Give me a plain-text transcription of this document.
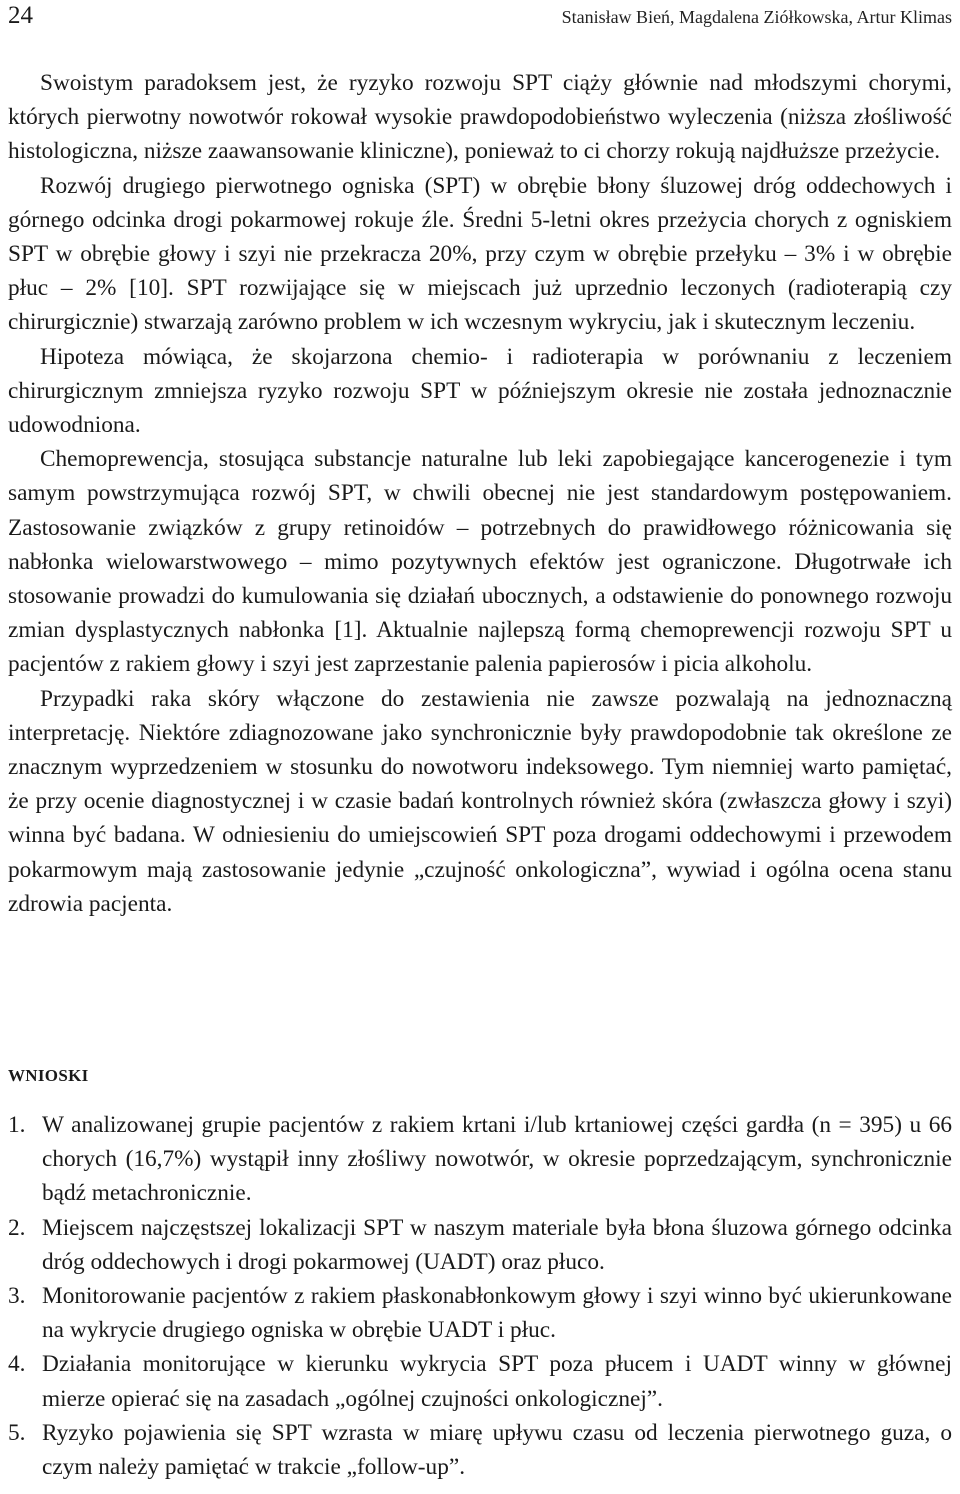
24	Stanisław Bień, Magdalena Ziółkowska, Artur Klimas

Swoistym paradoksem jest, że ryzyko rozwoju SPT ciąży głównie nad młodszymi chorymi, których pierwotny nowotwór rokował wysokie prawdopodobieństwo wyleczenia (niższa złośliwość histologiczna, niższe zaawansowanie kliniczne), ponieważ to ci chorzy rokują najdłuższe przeżycie.

Rozwój drugiego pierwotnego ogniska (SPT) w obrębie błony śluzowej dróg oddechowych i górnego odcinka drogi pokarmowej rokuje źle. Średni 5-letni okres przeżycia chorych z ogniskiem SPT w obrębie głowy i szyi nie przekracza 20%, przy czym w obrębie przełyku – 3% i w obrębie płuc – 2% [10]. SPT rozwijające się w miejscach już uprzednio leczonych (radioterapią czy chirurgicznie) stwarzają zarówno problem w ich wczesnym wykryciu, jak i skutecznym leczeniu.

Hipoteza mówiąca, że skojarzona chemio- i radioterapia w porównaniu z leczeniem chirurgicznym zmniejsza ryzyko rozwoju SPT w późniejszym okresie nie została jednoznacznie udowodniona.

Chemoprewencja, stosująca substancje naturalne lub leki zapobiegające kancerogenezie i tym samym powstrzymująca rozwój SPT, w chwili obecnej nie jest standardowym postępowaniem. Zastosowanie związków z grupy retinoidów – potrzebnych do prawidłowego różnicowania się nabłonka wielowarstwowego – mimo pozytywnych efektów jest ograniczone. Długotrwałe ich stosowanie prowadzi do kumulowania się działań ubocznych, a odstawienie do ponownego rozwoju zmian dysplastycznych nabłonka [1]. Aktualnie najlepszą formą chemoprewencji rozwoju SPT u pacjentów z rakiem głowy i szyi jest zaprzestanie palenia papierosów i picia alkoholu.

Przypadki raka skóry włączone do zestawienia nie zawsze pozwalają na jednoznaczną interpretację. Niektóre zdiagnozowane jako synchronicznie były prawdopodobnie tak określone ze znacznym wyprzedzeniem w stosunku do nowotworu indeksowego. Tym niemniej warto pamiętać, że przy ocenie diagnostycznej i w czasie badań kontrolnych również skóra (zwłaszcza głowy i szyi) winna być badana. W odniesieniu do umiejscowień SPT poza drogami oddechowymi i przewodem pokarmowym mają zastosowanie jedynie „czujność onkologiczna”, wywiad i ogólna ocena stanu zdrowia pacjenta.

WNIOSKI
1. W analizowanej grupie pacjentów z rakiem krtani i/lub krtaniowej części gardła (n = 395) u 66 chorych (16,7%) wystąpił inny złośliwy nowotwór, w okresie poprzedzającym, synchronicznie bądź metachronicznie.
2. Miejscem najczęstszej lokalizacji SPT w naszym materiale była błona śluzowa górnego odcinka dróg oddechowych i drogi pokarmowej (UADT) oraz płuco.
3. Monitorowanie pacjentów z rakiem płaskonabłonkowym głowy i szyi winno być ukierunkowane na wykrycie drugiego ogniska w obrębie UADT i płuc.
4. Działania monitorujące w kierunku wykrycia SPT poza płucem i UADT winny w głównej mierze opierać się na zasadach „ogólnej czujności onkologicznej”.
5. Ryzyko pojawienia się SPT wzrasta w miarę upływu czasu od leczenia pierwotnego guza, o czym należy pamiętać w trakcie „follow-up”.
